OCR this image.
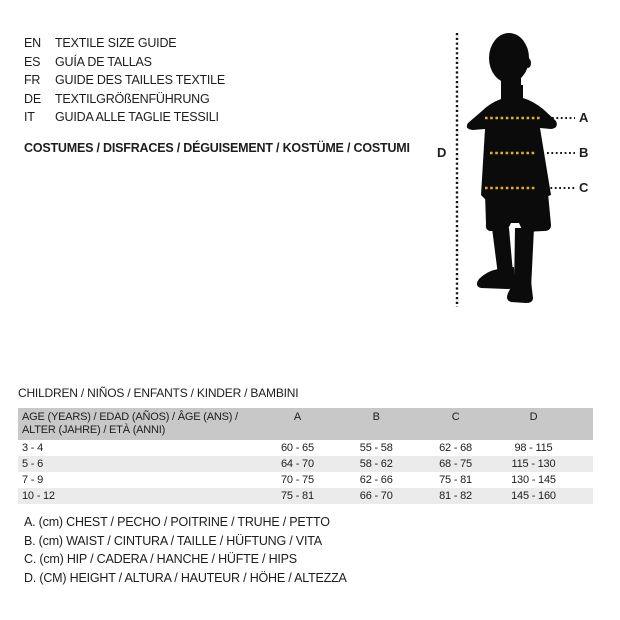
EN	TEXTILE SIZE GUIDE
ES	GUÍA DE TALLAS
FR	GUIDE DES TAILLES TEXTILE
DE	TEXTILGRÖßENFÜHRUNG
IT	GUIDA ALLE TAGLIE TESSILI
COSTUMES / DISFRACES / DÉGUISEMENT / KOSTÜME / COSTUMI
A
B
C
D
CHILDREN / NIÑOS / ENFANTS / KINDER / BAMBINI
AGE (YEARS) / EDAD (AÑOS) / ÂGE (ANS) /
ALTER (JAHRE) / ETÀ (ANNI)	A	B	C	D	
3 - 4	60 - 65	55 - 58	62 - 68	98 - 115	
5 - 6	64 - 70	58 - 62	68 - 75	115 - 130	
7 - 9	70 - 75	62 - 66	75 - 81	130 - 145	
10 - 12	75 - 81	66 - 70	81 - 82	145 - 160	
A. (cm) CHEST / PECHO / POITRINE / TRUHE / PETTO
B. (cm) WAIST / CINTURA / TAILLE / HÜFTUNG / VITA
C. (cm) HIP / CADERA / HANCHE / HÜFTE / HIPS
D. (CM) HEIGHT / ALTURA / HAUTEUR / HÖHE / ALTEZZA
